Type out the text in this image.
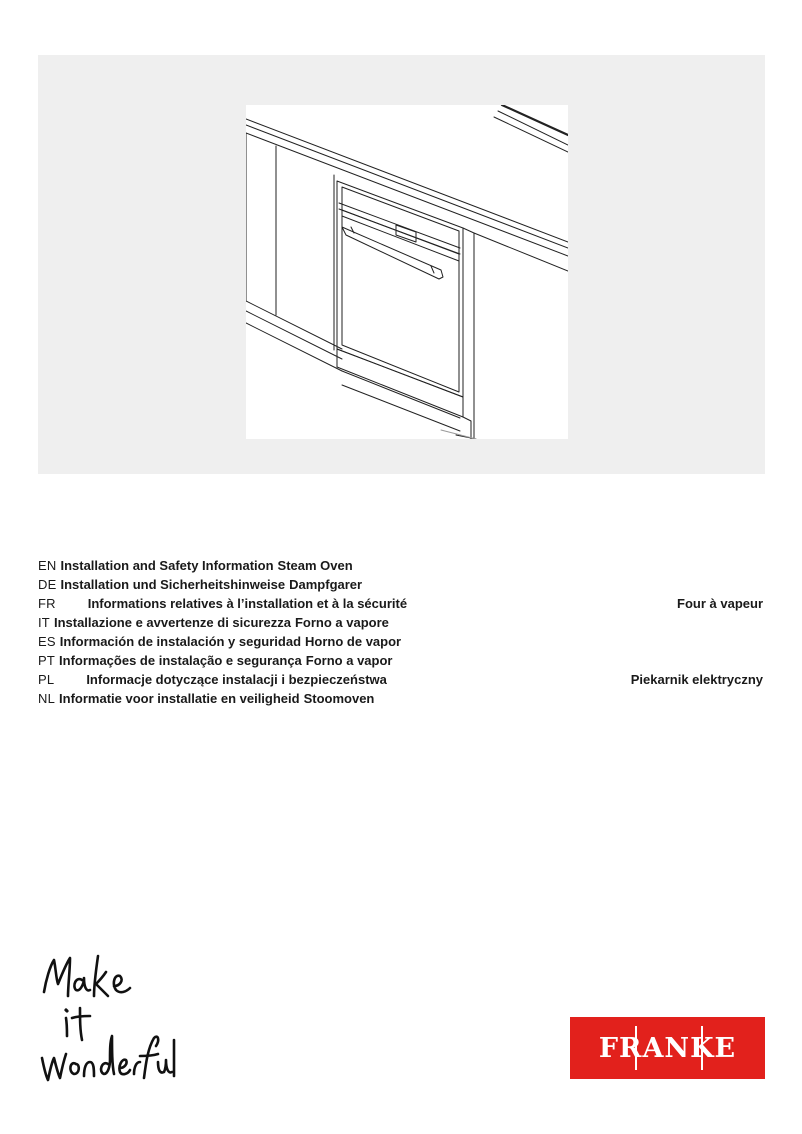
EN Installation and Safety Information Steam Oven
DE Installation und Sicherheitshinweise Dampfgarer
FR Informations relatives à l’installation et à la sécurité	Four à vapeur
IT Installazione e avvertenze di sicurezza Forno a vapore
ES Información de instalación y seguridad Horno de vapor
PT Informações de instalação e segurança Forno a vapor
PL Informacje dotyczące instalacji i bezpieczeństwa	Piekarnik elektryczny
NL Informatie voor installatie en veiligheid Stoomoven
FRANKE
